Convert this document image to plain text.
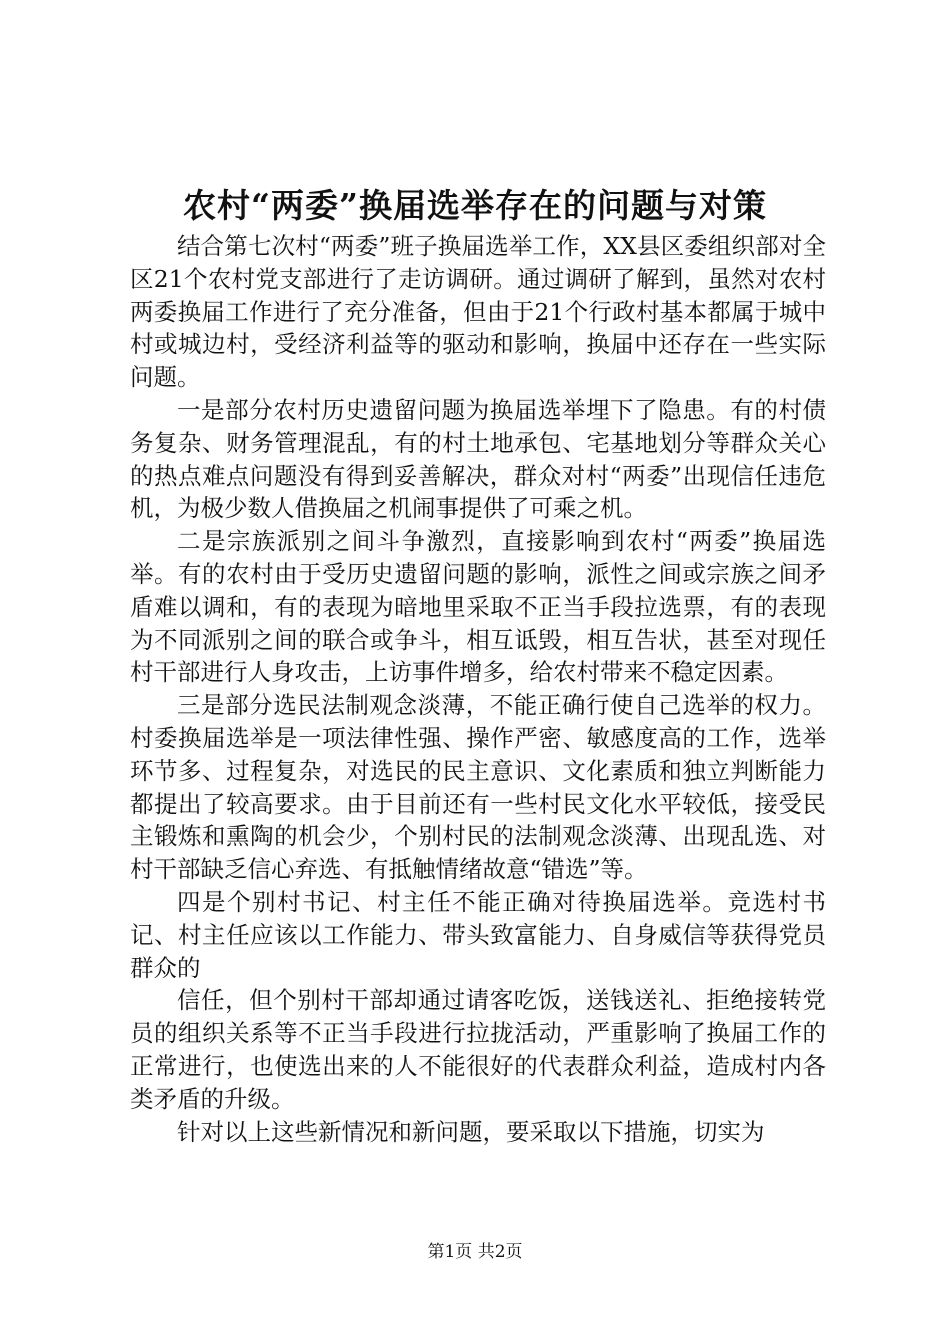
农村“两委”换届选举存在的问题与对策

结合第七次村“两委”班子换届选举工作，XX县区委组织部对全区21个农村党支部进行了走访调研。通过调研了解到，虽然对农村两委换届工作进行了充分准备，但由于21个行政村基本都属于城中村或城边村，受经济利益等的驱动和影响，换届中还存在一些实际问题。

一是部分农村历史遗留问题为换届选举埋下了隐患。有的村债务复杂、财务管理混乱，有的村土地承包、宅基地划分等群众关心的热点难点问题没有得到妥善解决，群众对村“两委”出现信任违危机，为极少数人借换届之机闹事提供了可乘之机。

二是宗族派别之间斗争激烈，直接影响到农村“两委”换届选举。有的农村由于受历史遗留问题的影响，派性之间或宗族之间矛盾难以调和，有的表现为暗地里采取不正当手段拉选票，有的表现为不同派别之间的联合或争斗，相互诋毁，相互告状，甚至对现任村干部进行人身攻击，上访事件增多，给农村带来不稳定因素。

三是部分选民法制观念淡薄，不能正确行使自己选举的权力。村委换届选举是一项法律性强、操作严密、敏感度高的工作，选举环节多、过程复杂，对选民的民主意识、文化素质和独立判断能力都提出了较高要求。由于目前还有一些村民文化水平较低，接受民主锻炼和熏陶的机会少，个别村民的法制观念淡薄、出现乱选、对村干部缺乏信心弃选、有抵触情绪故意“错选”等。

四是个别村书记、村主任不能正确对待换届选举。竞选村书记、村主任应该以工作能力、带头致富能力、自身威信等获得党员群众的

信任，但个别村干部却通过请客吃饭，送钱送礼、拒绝接转党员的组织关系等不正当手段进行拉拢活动，严重影响了换届工作的正常进行，也使选出来的人不能很好的代表群众利益，造成村内各类矛盾的升级。

针对以上这些新情况和新问题，要采取以下措施，切实为

第1页 共2页
